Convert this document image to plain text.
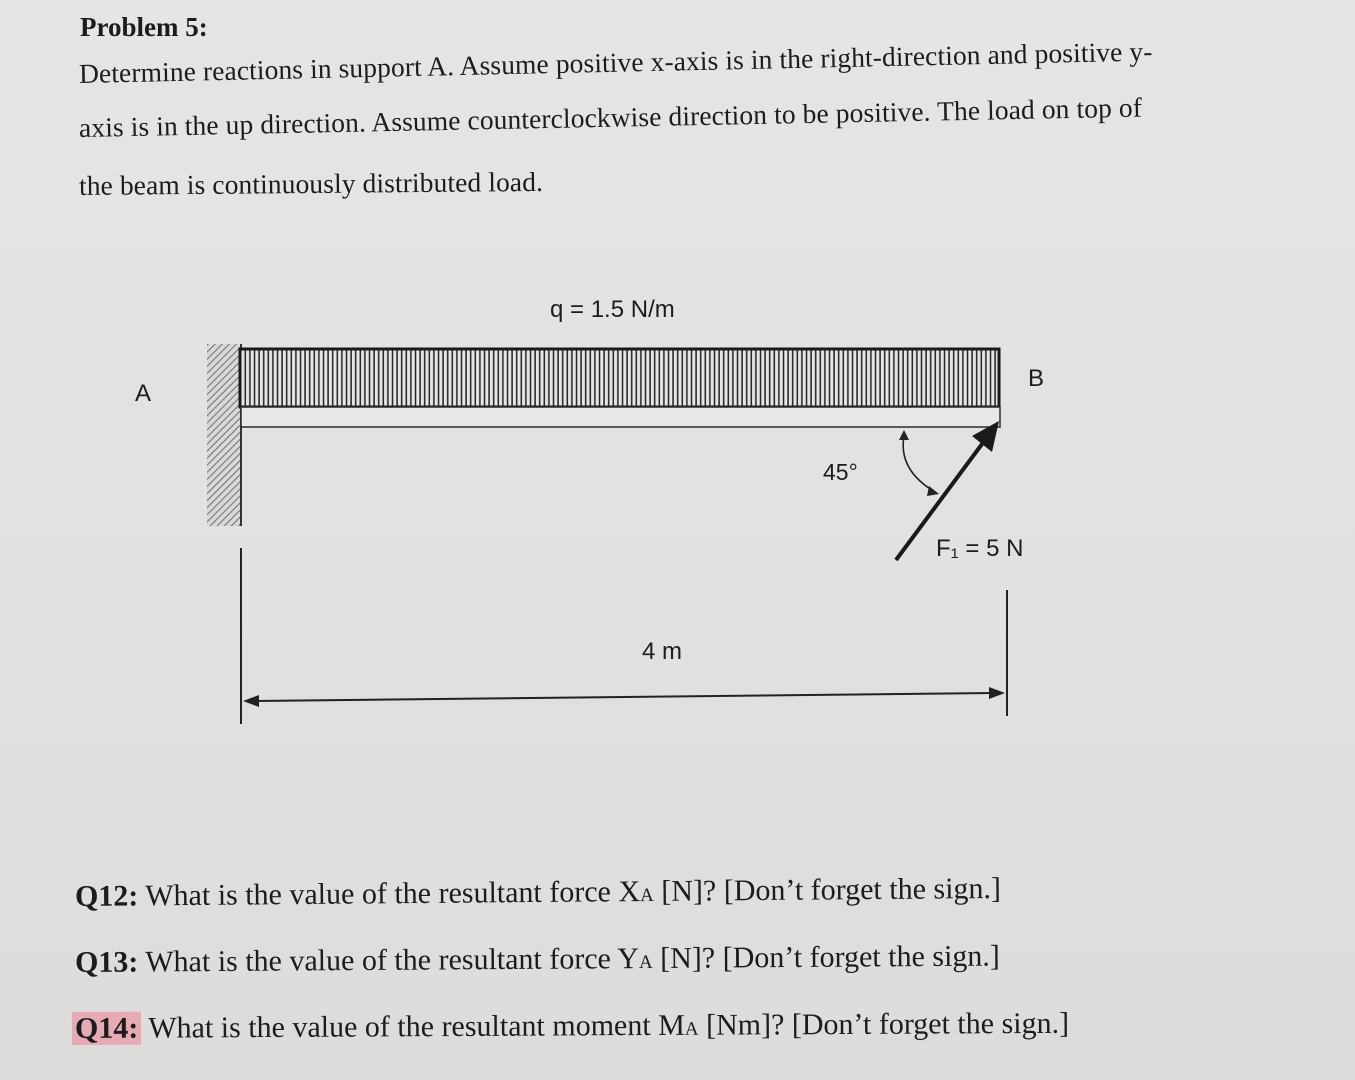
Problem 5:
Determine reactions in support A. Assume positive x-axis is in the right-direction and positive y-
axis is in the up direction. Assume counterclockwise direction to be positive. The load on top of
the beam is continuously distributed load.
q = 1.5 N/m
A
B
45°
F₁ = 5 N
4 m
Q12: What is the value of the resultant force XA [N]? [Don’t forget the sign.]
Q13: What is the value of the resultant force YA [N]? [Don’t forget the sign.]
Q14: What is the value of the resultant moment MA [Nm]? [Don’t forget the sign.]
